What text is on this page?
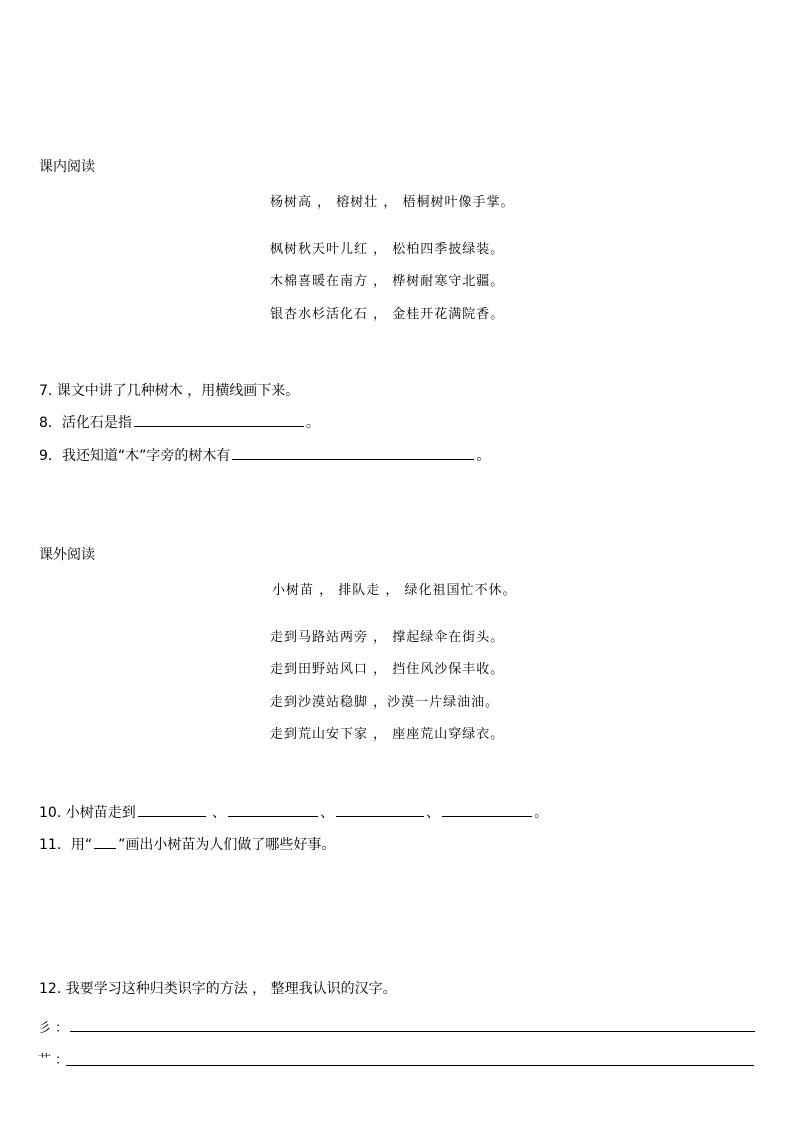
课内阅读
杨树高 ， 榕树壮 ， 梧桐树叶像手掌。
枫树秋天叶儿红 ， 松柏四季披绿装。
木棉喜暖在南方 ， 桦树耐寒守北疆。
银杏水杉活化石 ， 金桂开花满院香。
7. 课文中讲了几种树木 ，用横线画下来。
8．活化石是指	。
9．我还知道“木”字旁的树木有	。
课外阅读
小树苗 ， 排队走 ， 绿化祖国忙不休。
走到马路站两旁 ， 撑起绿伞在街头。
走到田野站风口 ， 挡住风沙保丰收。
走到沙漠站稳脚 ，沙漠一片绿油油。
走到荒山安下家 ， 座座荒山穿绿衣。
10. 小树苗走到	、	、	、	。
11．用“ ”画出小树苗为人们做了哪些好事。
12. 我要学习这种归类识字的方法 ， 整理我认识的汉字。
彡 ：
艹 ：
